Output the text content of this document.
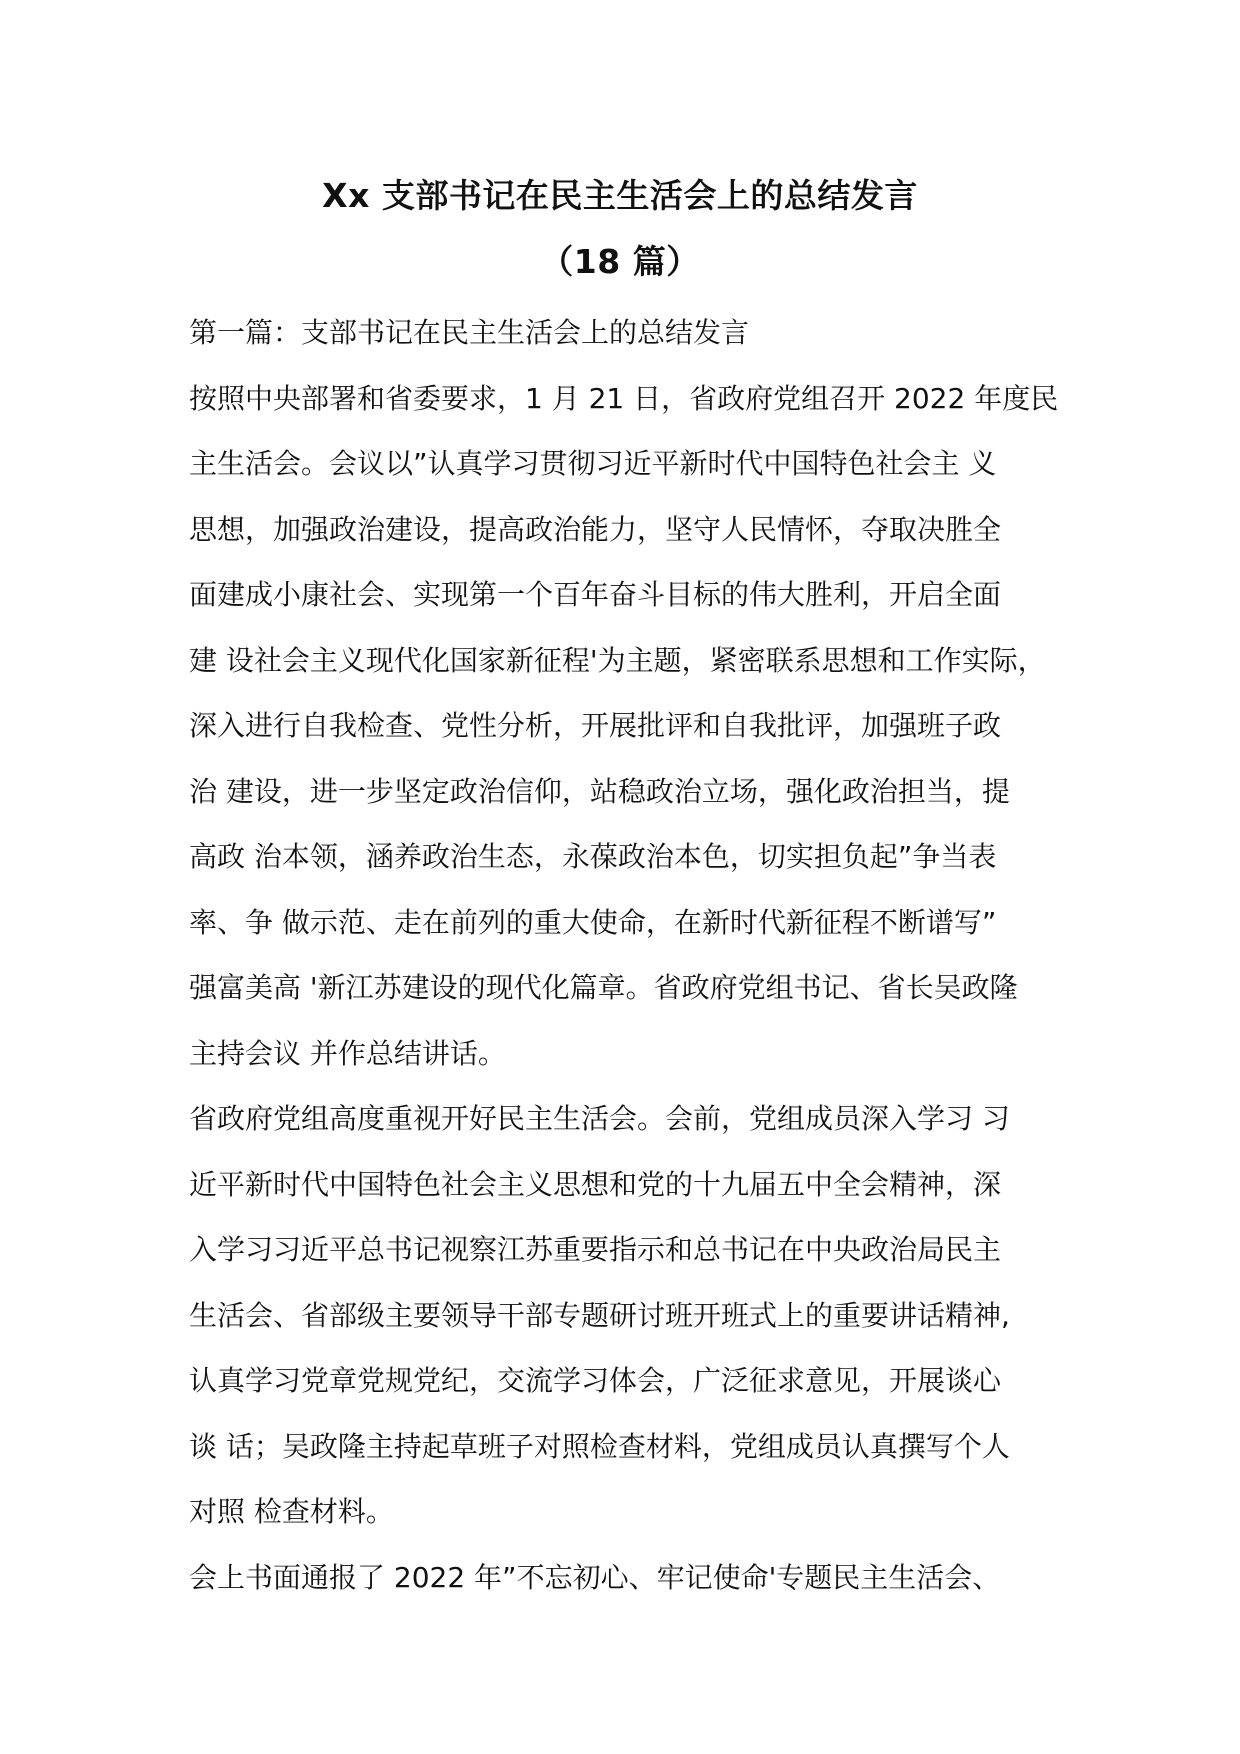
Xx 支部书记在民主生活会上的总结发言
（18 篇）
第一篇：支部书记在民主生活会上的总结发言
按照中央部署和省委要求，1 月 21 日，省政府党组召开 2022 年度民
主生活会。会议以”认真学习贯彻习近平新时代中国特色社会主 义
思想，加强政治建设，提高政治能力，坚守人民情怀，夺取决胜全
面建成小康社会、实现第一个百年奋斗目标的伟大胜利，开启全面
建 设社会主义现代化国家新征程'为主题，紧密联系思想和工作实际，
深入进行自我检查、党性分析，开展批评和自我批评，加强班子政
治 建设，进一步坚定政治信仰，站稳政治立场，强化政治担当，提
高政 治本领，涵养政治生态，永葆政治本色，切实担负起”争当表
率、争 做示范、走在前列的重大使命，在新时代新征程不断谱写”
强富美高 '新江苏建设的现代化篇章。省政府党组书记、省长吴政隆
主持会议 并作总结讲话。
省政府党组高度重视开好民主生活会。会前，党组成员深入学习 习
近平新时代中国特色社会主义思想和党的十九届五中全会精神，深
入学习习近平总书记视察江苏重要指示和总书记在中央政治局民主
生活会、省部级主要领导干部专题研讨班开班式上的重要讲话精神,
认真学习党章党规党纪，交流学习体会，广泛征求意见，开展谈心
谈 话；吴政隆主持起草班子对照检查材料，党组成员认真撰写个人
对照 检查材料。
会上书面通报了 2022 年”不忘初心、牢记使命'专题民主生活会、
